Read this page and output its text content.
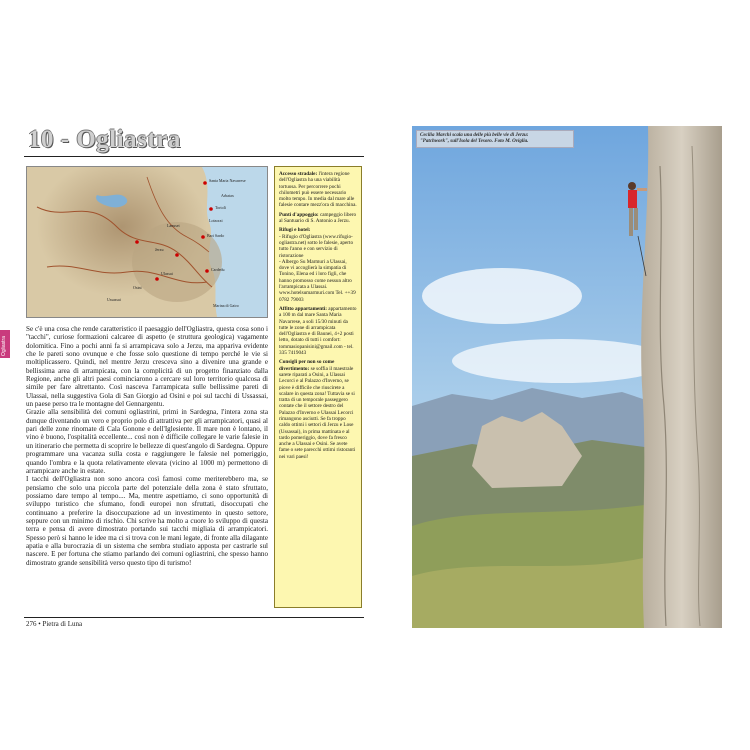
10 - Ogliastra
Santa Maria Navarrese
Arbatax
Tortolì
Lotzorai
Bari Sardo
Cardedu
Marina di Gairo
Jerzu
Ulassai
Osini
Ussassai
Lanusei

Accesso stradale: l'intera regione dell'Ogliastra ha una viabilità tortuosa. Per percorrere pochi chilometri può essere necessario molto tempo. In media dal mare alle falesie contare mezz'ora di macchina.

Punti d'appoggio: campeggio libero al Santuario di S. Antonio a Jerzu.

Rifugi e hotel:
- Rifugio d'Ogliastra (www.rifugio-ogliastra.net) sotto le falesie, aperto tutto l'anno e con servizio di ristorazione
- Albergo Su Marmuri a Ulassai, dove vi accoglierà la simpatia di Tonino, Elena ed i loro figli, che hanno promosso come nessun altro l'arrampicata a Ulassai. www.hotelsumarmuri.com Tel. ++39 0782 79003

Affitto appartamenti: appartamento a 100 m dal mare Santa Maria Navarrese, a soli 15/30 minuti da tutte le zone di arrampicata dell'Ogliastra e di Baunei, 4+2 posti letto, dotato di tutti i comfort: tommasiopanisini@gmail.com - tel. 335 7419043

Consigli per non so come divertimento: se soffia il maestrale sarete riparati a Osini, a Ulassai Lecorci e al Palazzo d'Inverno, se piove è difficile che riuscirete a scalare in questa zona! Tuttavia se si tratta di un temporale passeggero contate che il settore destro del Palazzo d'Inverno e Ulassai Lecorci rimangono asciutti. Se fa troppo caldo ottimi i settori di Jerzu e Lose (Ussassai), in prima mattinata e al tardo pomeriggio, dove fa fresco anche a Ulassai e Osini. Se avete fame o sete parecchi ottimi ristoranti nei vari paesi!

Ogliastra

Se c'è una cosa che rende caratteristico il paesaggio dell'Ogliastra, questa cosa sono i "tacchi", curiose formazioni calcaree di aspetto (e struttura geologica) vagamente dolomitica. Fino a pochi anni fa si arrampicava solo a Jerzu, ma appariva evidente che le pareti sono ovunque e che fosse solo questione di tempo perché le vie si moltiplicassero. Quindi, nel mentre Jerzu cresceva sino a divenire una grande e bellissima area di arrampicata, con la complicità di un progetto finanziato dalla Regione, anche gli altri paesi cominciarono a cercare sul loro territorio qualcosa di simile per fare altrettanto. Così nasceva l'arrampicata sulle bellissime pareti di Ulassai, nella suggestiva Gola di San Giorgio ad Osini e poi sul tacchi di Ussassai, un paese perso tra le montagne del Gennargentu.

Grazie alla sensibilità dei comuni ogliastrini, primi in Sardegna, l'intera zona sta dunque diventando un vero e proprio polo di attrattiva per gli arrampicatori, quasi al pari delle zone rinomate di Cala Gonone e dell'Iglesiente. Il mare non è lontano, il vino è buono, l'ospitalità eccellente... così non è difficile collegare le varie falesie in un itinerario che permetta di scoprire le bellezze di quest'angolo di Sardegna. Oppure programmare una vacanza sulla costa e raggiungere le falesie nel pomeriggio, quando l'ombra e la quota relativamente elevata (vicino al 1000 m) permettono di arrampicare anche in estate.

I tacchi dell'Ogliastra non sono ancora così famosi come meriterebbero ma, se pensiamo che solo una piccola parte del potenziale della zona è stato sfruttato, possiamo dare tempo al tempo.... Ma, mentre aspettiamo, ci sono opportunità di sviluppo turistico che sfumano, fondi europei non sfruttati, disoccupati che continuano a preferire la disoccupazione ad un investimento in questo settore, seppure con un minimo di rischio. Chi scrive ha molto a cuore lo sviluppo di questa terra e pensa di avere dimostrato portando sui tacchi migliaia di arrampicatori. Spesso però si hanno le idee ma ci si trova con le mani legate, di fronte alla dilagante apatia e alla burocrazia di un sistema che sembra studiato apposta per castrarle sul nascere. E per fortuna che stiamo parlando dei comuni ogliastrini, che spesso hanno dimostrato grande sensibilità verso questo tipo di turismo!

276 • Pietra di Luna
Cecilia Marchi scala una delle più belle vie di Jerzu:
"Patchwork", sull'Isola del Tesoro. Foto M. Oviglia.
